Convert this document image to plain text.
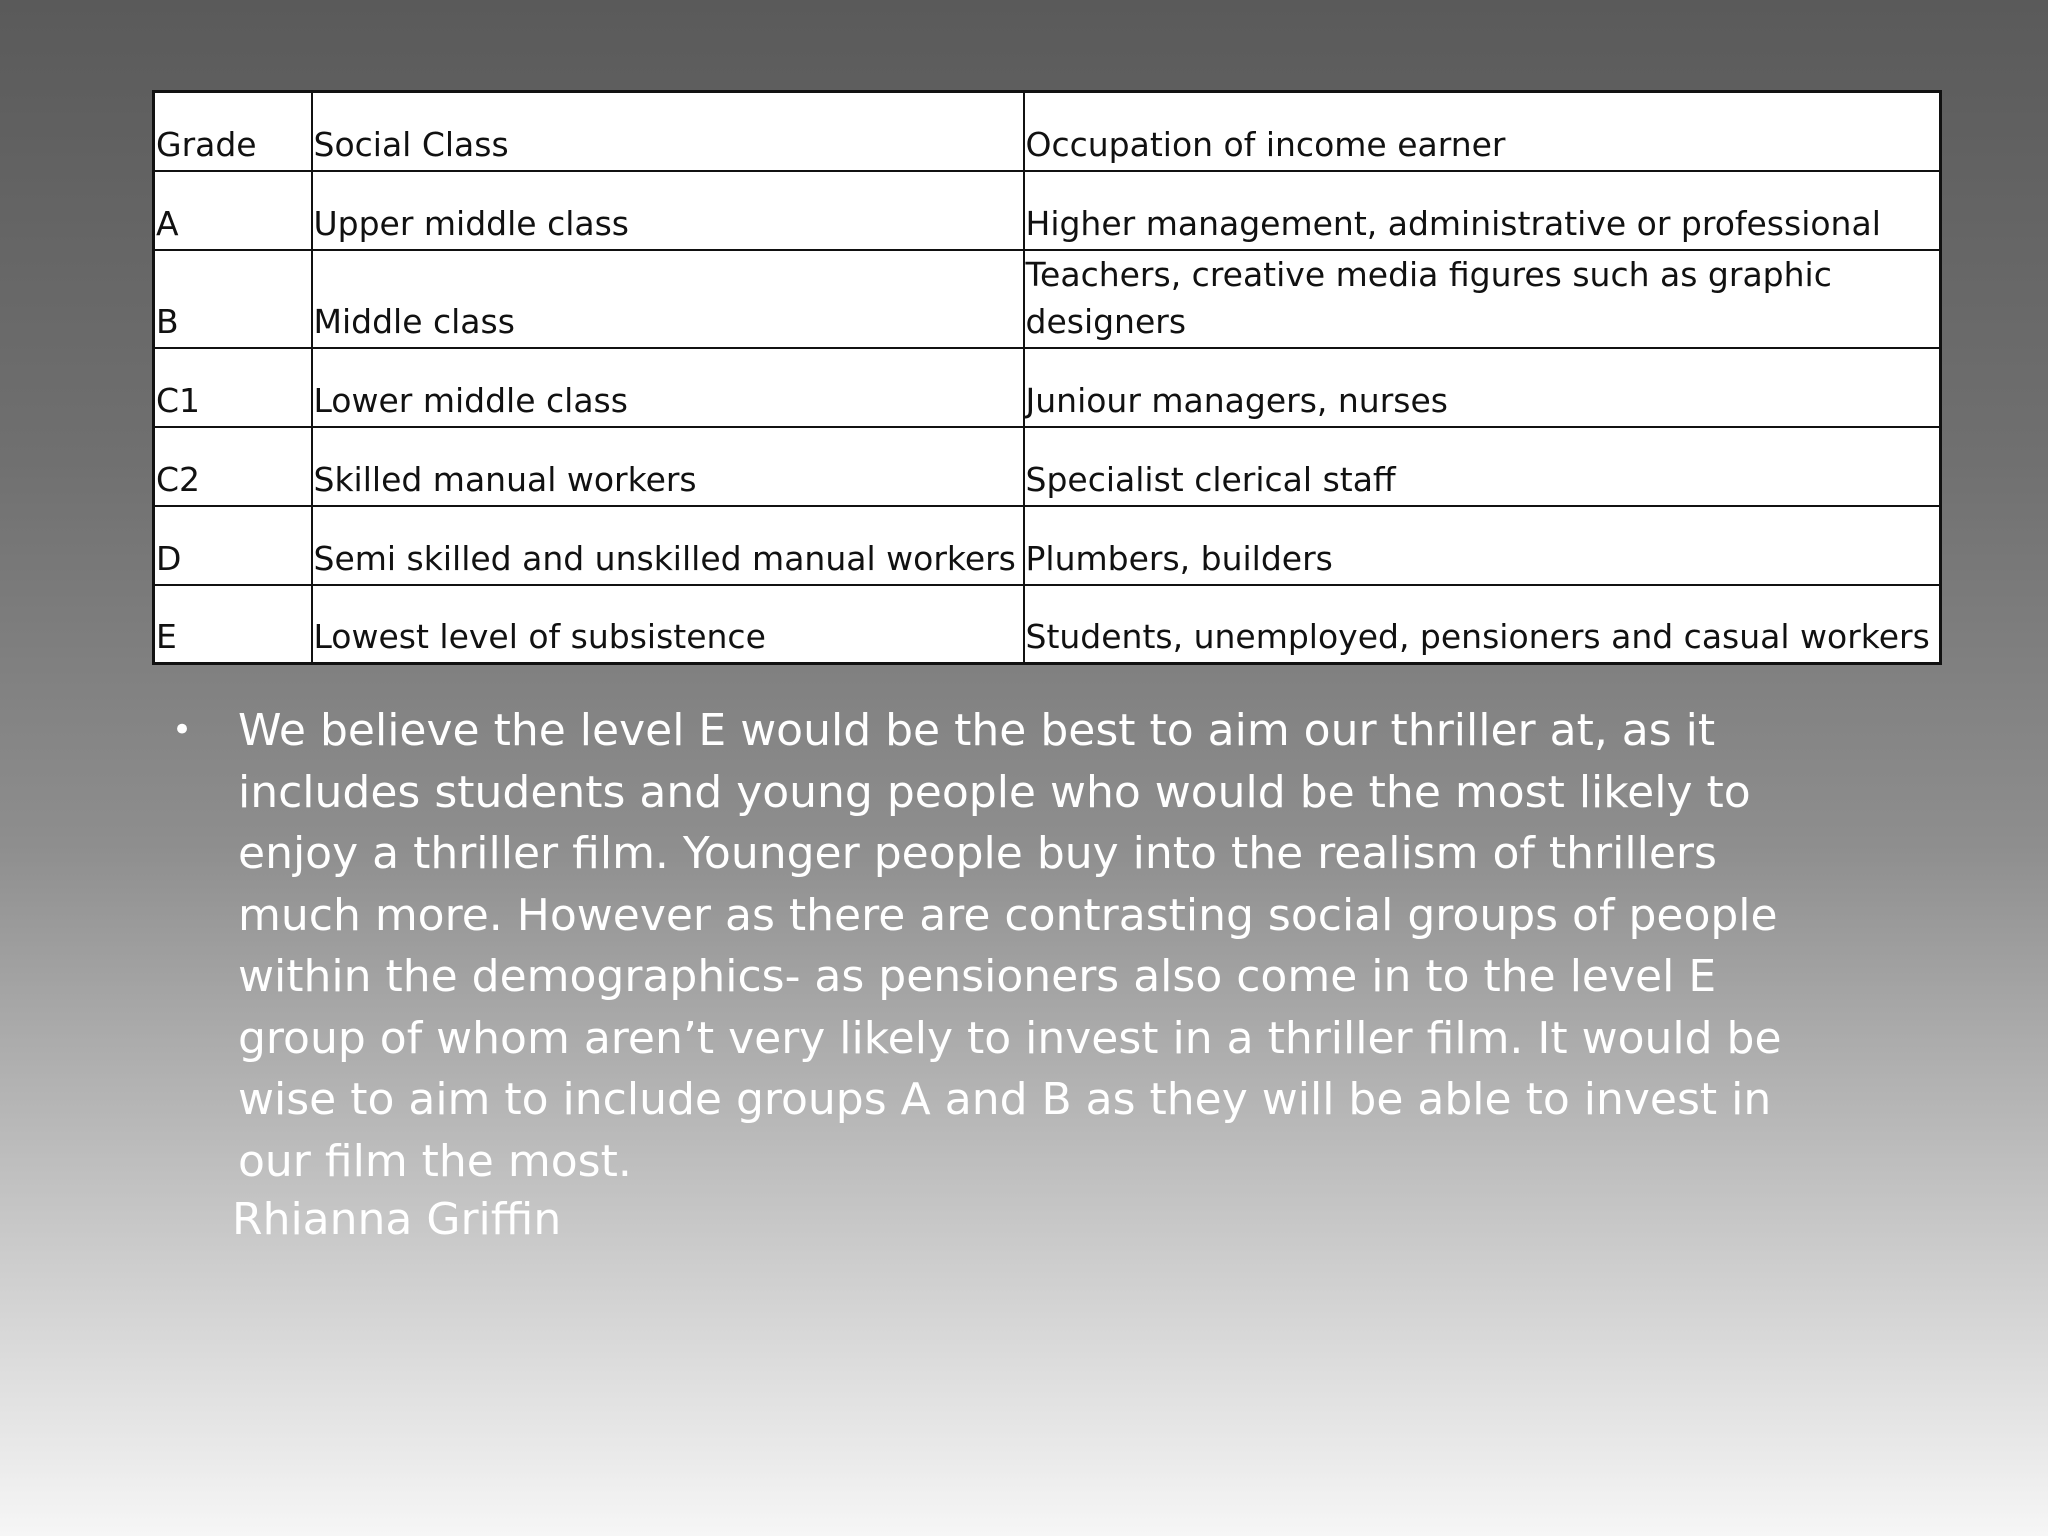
Grade	Social Class	Occupation of income earner
A	Upper middle class	Higher management, administrative or professional
B	Middle class	Teachers, creative media figures such as graphic designers
C1	Lower middle class	Juniour managers, nurses
C2	Skilled manual workers	Specialist clerical staff
D	Semi skilled and unskilled manual workers	Plumbers, builders
E	Lowest level of subsistence	Students, unemployed, pensioners and casual workers
• We believe the level E would be the best to aim our thriller at, as it includes students and young people who would be the most likely to enjoy a thriller film. Younger people buy into the realism of thrillers much more. However as there are contrasting social groups of people within the demographics- as pensioners also come in to the level E group of whom aren’t very likely to invest in a thriller film. It would be wise to aim to include groups A and B as they will be able to invest in our film the most.
Rhianna Griffin
